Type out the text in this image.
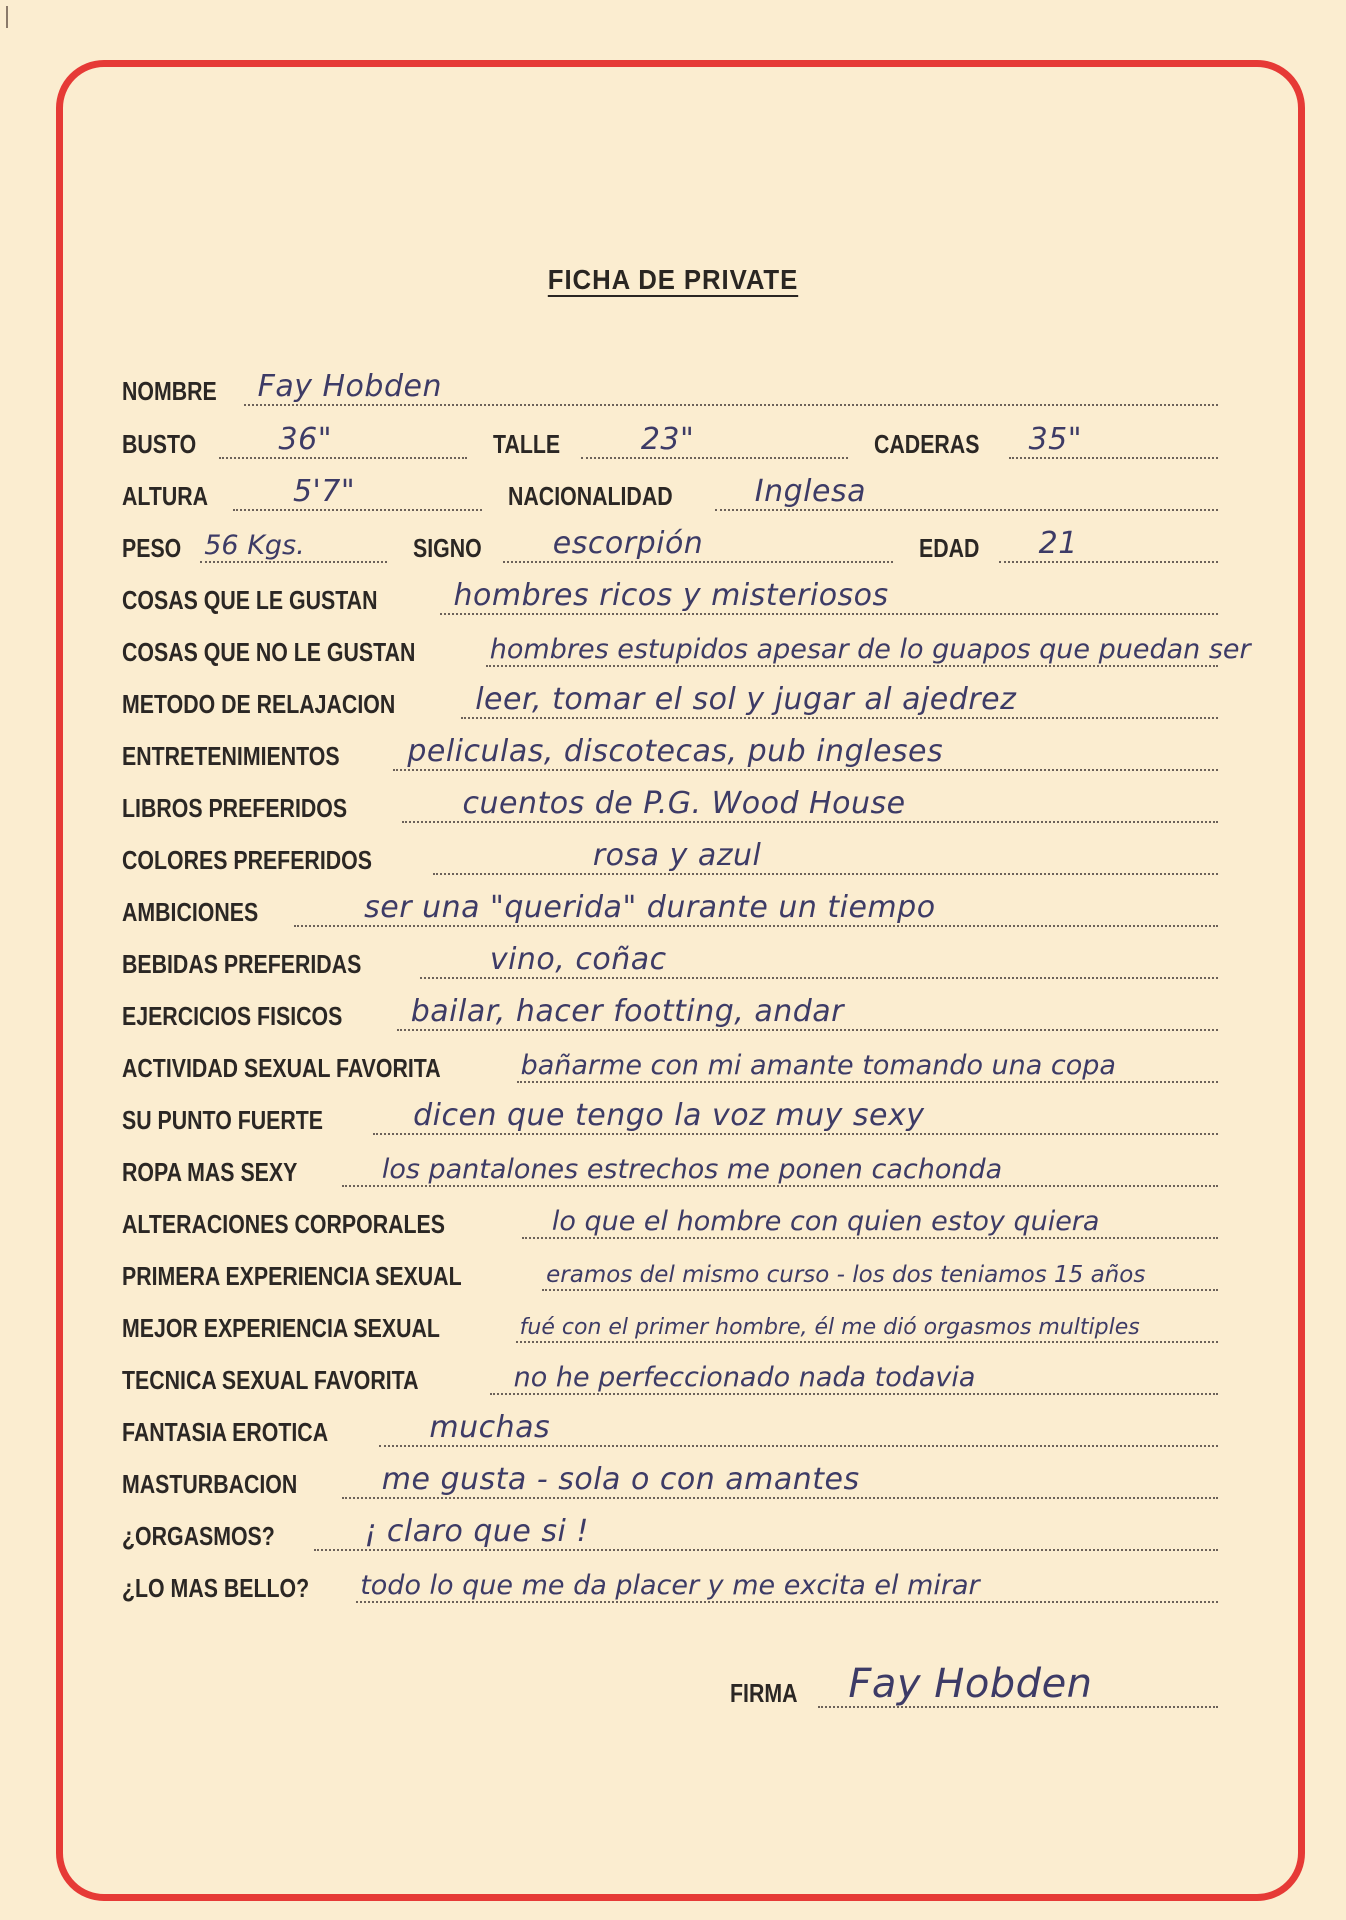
FICHA DE PRIVATE
NOMBRE	Fay Hobden
BUSTO	36"	TALLE	23"	CADERAS	35"
ALTURA	5'7"	NACIONALIDAD	Inglesa
PESO 56 Kgs.	SIGNO	escorpión	EDAD	21
COSAS QUE LE GUSTAN	hombres ricos y misteriosos
COSAS QUE NO LE GUSTAN	hombres estupidos apesar de lo guapos que puedan ser
METODO DE RELAJACION	leer, tomar el sol y jugar al ajedrez
ENTRETENIMIENTOS	peliculas, discotecas, pub ingleses
LIBROS PREFERIDOS	cuentos de P.G. Wood House
COLORES PREFERIDOS	rosa y azul
AMBICIONES	ser una "querida" durante un tiempo
BEBIDAS PREFERIDAS	vino, coñac
EJERCICIOS FISICOS	bailar, hacer footting, andar
ACTIVIDAD SEXUAL FAVORITA	bañarme con mi amante tomando una copa
SU PUNTO FUERTE	dicen que tengo la voz muy sexy
ROPA MAS SEXY	los pantalones estrechos me ponen cachonda
ALTERACIONES CORPORALES	lo que el hombre con quien estoy quiera
PRIMERA EXPERIENCIA SEXUAL	eramos del mismo curso - los dos teniamos 15 años
MEJOR EXPERIENCIA SEXUAL	fué con el primer hombre, él me dió orgasmos multiples
TECNICA SEXUAL FAVORITA	no he perfeccionado nada todavia
FANTASIA EROTICA	muchas
MASTURBACION	me gusta - sola o con amantes
¿ORGASMOS?	¡ claro que si !
¿LO MAS BELLO? todo lo que me da placer y me excita el mirar
FIRMA	Fay Hobden
